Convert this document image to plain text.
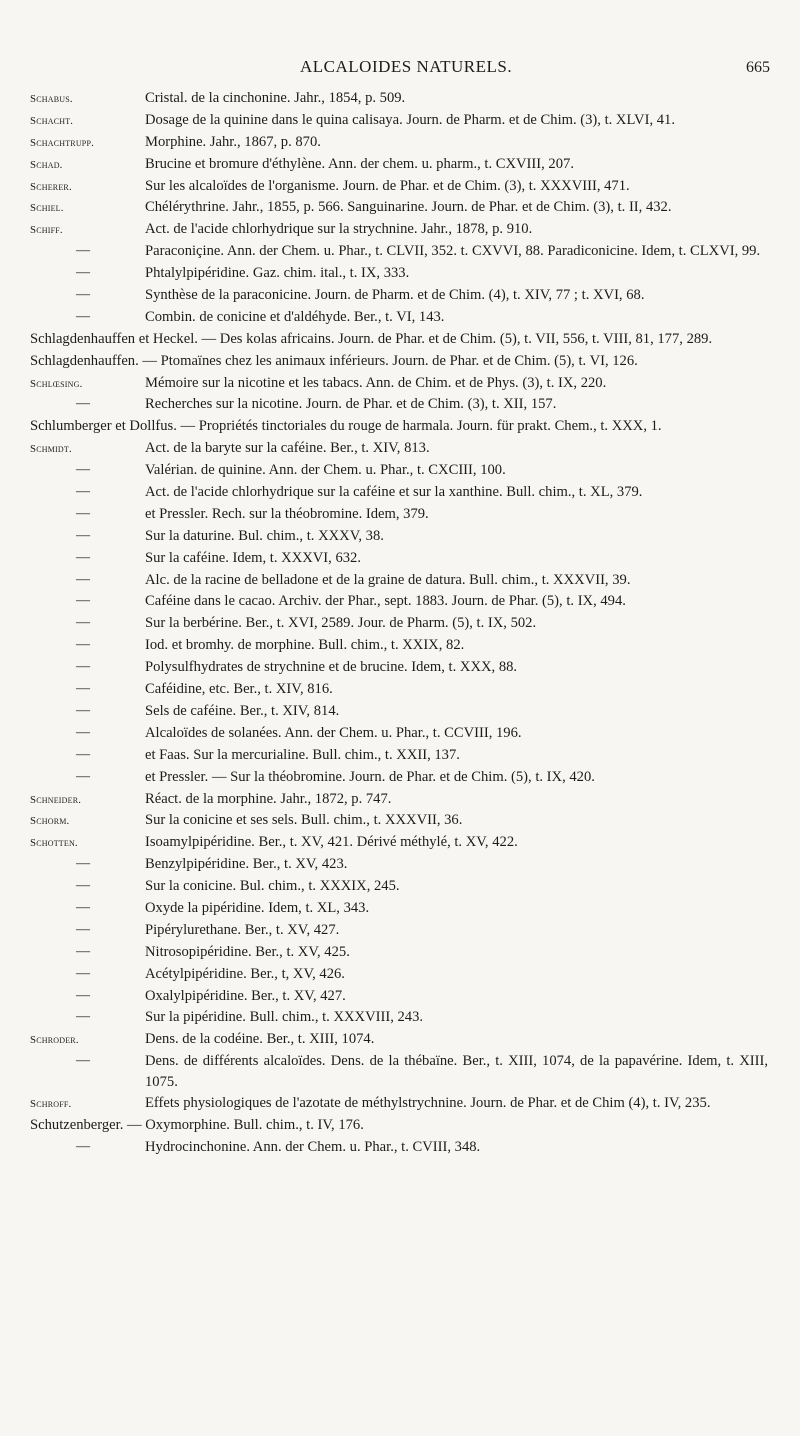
ALCALOIDES NATURELS.	665
Schabus.	Cristal. de la cinchonine. Jahr., 1854, p. 509.
Schacht.	Dosage de la quinine dans le quina calisaya. Journ. de Pharm. et de Chim. (3), t. XLVI, 41.
Schachtrupp.	Morphine. Jahr., 1867, p. 870.
Schad.	Brucine et bromure d'éthylène. Ann. der chem. u. pharm., t. CXVIII, 207.
Scherer.	Sur les alcaloïdes de l'organisme. Journ. de Phar. et de Chim. (3), t. XXXVIII, 471.
Schiel.	Chélérythrine. Jahr., 1855, p. 566. Sanguinarine. Journ. de Phar. et de Chim. (3), t. II, 432.
Schiff.	Act. de l'acide chlorhydrique sur la strychnine. Jahr., 1878, p. 910.
—	Paraconiçine. Ann. der Chem. u. Phar., t. CLVII, 352. t. CXVVI, 88. Paradiconicine. Idem, t. CLXVI, 99.
—	Phtalylpipéridine. Gaz. chim. ital., t. IX, 333.
—	Synthèse de la paraconicine. Journ. de Pharm. et de Chim. (4), t. XIV, 77 ; t. XVI, 68.
—	Combin. de conicine et d'aldéhyde. Ber., t. VI, 143.
Schlagdenhauffen et Heckel. — Des kolas africains. Journ. de Phar. et de Chim. (5), t. VII, 556, t. VIII, 81, 177, 289.
Schlagdenhauffen. — Ptomaïnes chez les animaux inférieurs. Journ. de Phar. et de Chim. (5), t. VI, 126.
Schlœsing.	Mémoire sur la nicotine et les tabacs. Ann. de Chim. et de Phys. (3), t. IX, 220.
—	Recherches sur la nicotine. Journ. de Phar. et de Chim. (3), t. XII, 157.
Schlumberger et Dollfus. — Propriétés tinctoriales du rouge de harmala. Journ. für prakt. Chem., t. XXX, 1.
Schmidt.	Act. de la baryte sur la caféine. Ber., t. XIV, 813.
—	Valérian. de quinine. Ann. der Chem. u. Phar., t. CXCIII, 100.
—	Act. de l'acide chlorhydrique sur la caféine et sur la xanthine. Bull. chim., t. XL, 379.
—	et Pressler. Rech. sur la théobromine. Idem, 379.
—	Sur la daturine. Bul. chim., t. XXXV, 38.
—	Sur la caféine. Idem, t. XXXVI, 632.
—	Alc. de la racine de belladone et de la graine de datura. Bull. chim., t. XXXVII, 39.
—	Caféine dans le cacao. Archiv. der Phar., sept. 1883. Journ. de Phar. (5), t. IX, 494.
—	Sur la berbérine. Ber., t. XVI, 2589. Jour. de Pharm. (5), t. IX, 502.
—	Iod. et bromhy. de morphine. Bull. chim., t. XXIX, 82.
—	Polysulfhydrates de strychnine et de brucine. Idem, t. XXX, 88.
—	Caféidine, etc. Ber., t. XIV, 816.
—	Sels de caféine. Ber., t. XIV, 814.
—	Alcaloïdes de solanées. Ann. der Chem. u. Phar., t. CCVIII, 196.
—	et Faas. Sur la mercurialine. Bull. chim., t. XXII, 137.
—	et Pressler. — Sur la théobromine. Journ. de Phar. et de Chim. (5), t. IX, 420.
Schneider.	Réact. de la morphine. Jahr., 1872, p. 747.
Schorm.	Sur la conicine et ses sels. Bull. chim., t. XXXVII, 36.
Schotten.	Isoamylpipéridine. Ber., t. XV, 421. Dérivé méthylé, t. XV, 422.
—	Benzylpipéridine. Ber., t. XV, 423.
—	Sur la conicine. Bul. chim., t. XXXIX, 245.
—	Oxyde la pipéridine. Idem, t. XL, 343.
—	Pipérylurethane. Ber., t. XV, 427.
—	Nitrosopipéridine. Ber., t. XV, 425.
—	Acétylpipéridine. Ber., t, XV, 426.
—	Oxalylpipéridine. Ber., t. XV, 427.
—	Sur la pipéridine. Bull. chim., t. XXXVIII, 243.
Schroder.	Dens. de la codéine. Ber., t. XIII, 1074.
—	Dens. de différents alcaloïdes. Dens. de la thébaïne. Ber., t. XIII, 1074, de la papavérine. Idem, t. XIII, 1075.
Schroff.	Effets physiologiques de l'azotate de méthylstrychnine. Journ. de Phar. et de Chim (4), t. IV, 235.
Schutzenberger. — Oxymorphine. Bull. chim., t. IV, 176.
—	Hydrocinchonine. Ann. der Chem. u. Phar., t. CVIII, 348.
